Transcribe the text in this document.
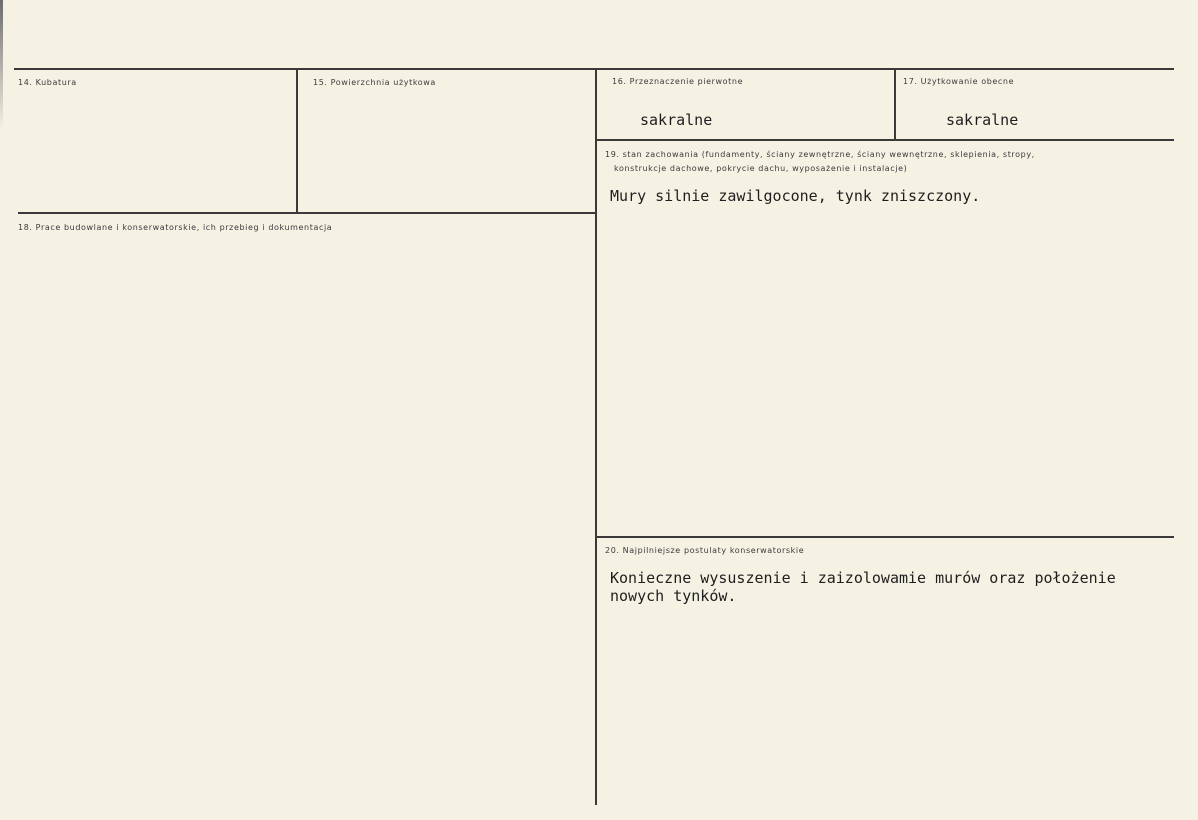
14. Kubatura	15. Powierzchnia użytkowa	16. Przeznaczenie pierwotne
sakralne
17. Użytkowanie obecne
sakralne
18. Prace budowlane i konserwatorskie, ich przebieg i dokumentacja
19. stan zachowania (fundamenty, ściany zewnętrzne, ściany wewnętrzne, sklepienia, stropy,
konstrukcje dachowe, pokrycie dachu, wyposażenie i instalacje)
Mury silnie zawilgocone, tynk zniszczony.
20. Najpilniejsze postulaty konserwatorskie
Konieczne wysuszenie i zaizolowamie murów oraz położenie
nowych tynków.
